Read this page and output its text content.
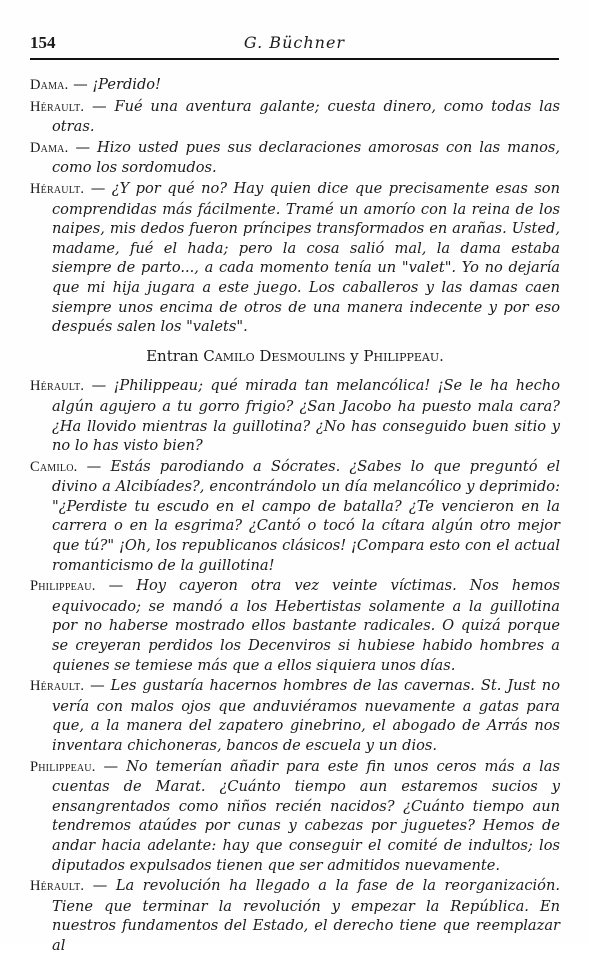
154	G. Büchner

Dama. — ¡Perdido!

Hérault. — Fué una aventura galante; cuesta dinero, como todas las otras.

Dama. — Hizo usted pues sus declaraciones amorosas con las manos, como los sordomudos.

Hérault. — ¿Y por qué no? Hay quien dice que precisamente esas son comprendidas más fácilmente. Tramé un amorío con la reina de los naipes, mis dedos fueron príncipes transformados en arañas. Usted, madame, fué el hada; pero la cosa salió mal, la dama estaba siempre de parto..., a cada momento tenía un "valet". Yo no dejaría que mi hija jugara a este juego. Los caballeros y las damas caen siempre unos encima de otros de una manera indecente y por eso después salen los "valets".

Entran Camilo Desmoulins y Philippeau.

Hérault. — ¡Philippeau; qué mirada tan melancólica! ¡Se le ha hecho algún agujero a tu gorro frigio? ¿San Jacobo ha puesto mala cara? ¿Ha llovido mientras la guillotina? ¿No has conseguido buen sitio y no lo has visto bien?

Camilo. — Estás parodiando a Sócrates. ¿Sabes lo que preguntó el divino a Alcibíades?, encontrándolo un día melancólico y deprimido: "¿Perdiste tu escudo en el campo de batalla? ¿Te vencieron en la carrera o en la esgrima? ¿Cantó o tocó la cítara algún otro mejor que tú?" ¡Oh, los republicanos clásicos! ¡Compara esto con el actual romanticismo de la guillotina!

Philippeau. — Hoy cayeron otra vez veinte víctimas. Nos hemos equivocado; se mandó a los Hebertistas solamente a la guillotina por no haberse mostrado ellos bastante radicales. O quizá porque se creyeran perdidos los Decenviros si hubiese habido hombres a quienes se temiese más que a ellos siquiera unos días.

Hérault. — Les gustaría hacernos hombres de las cavernas. St. Just no vería con malos ojos que anduviéramos nuevamente a gatas para que, a la manera del zapatero ginebrino, el abogado de Arrás nos inventara chichoneras, bancos de escuela y un dios.

Philippeau. — No temerían añadir para este fin unos ceros más a las cuentas de Marat. ¿Cuánto tiempo aun estaremos sucios y ensangrentados como niños recién nacidos? ¿Cuánto tiempo aun tendremos ataúdes por cunas y cabezas por juguetes? Hemos de andar hacia adelante: hay que conseguir el comité de indultos; los diputados expulsados tienen que ser admitidos nuevamente.

Hérault. — La revolución ha llegado a la fase de la reorganización. Tiene que terminar la revolución y empezar la República. En nuestros fundamentos del Estado, el derecho tiene que reemplazar al
